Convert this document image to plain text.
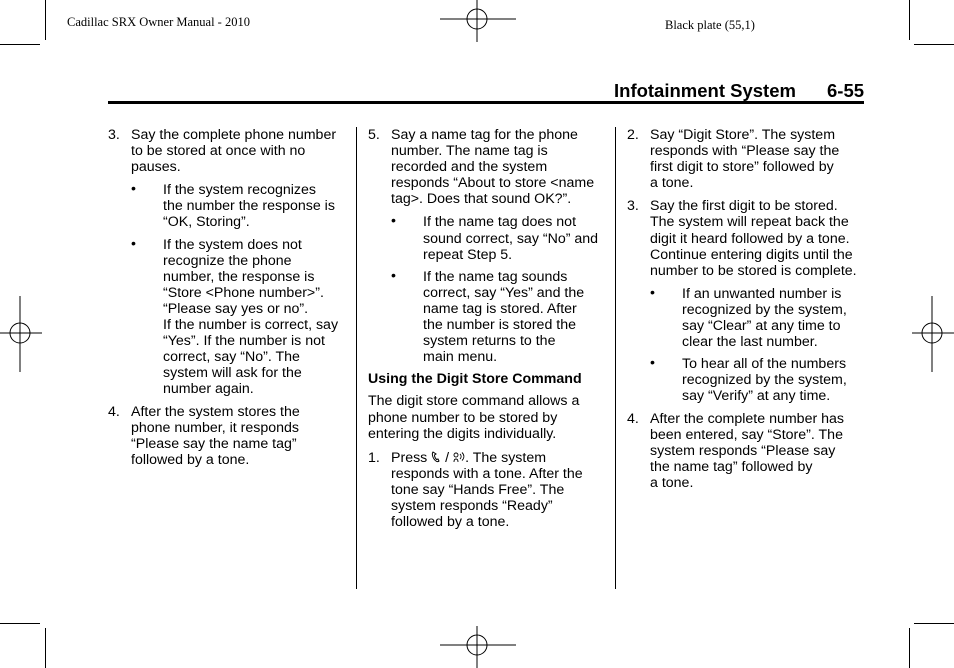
Cadillac SRX Owner Manual - 2010	Black plate (55,1)
Infotainment System 6-55
3. Say the complete phone number
to be stored at once with no
pauses.
• If the system recognizes
the number the response is
“OK, Storing”.
• If the system does not
recognize the phone
number, the response is
“Store <Phone number>”.
“Please say yes or no”.
If the number is correct, say
“Yes”. If the number is not
correct, say “No”. The
system will ask for the
number again.
4. After the system stores the
phone number, it responds
“Please say the name tag”
followed by a tone.
5. Say a name tag for the phone
number. The name tag is
recorded and the system
responds “About to store <name
tag>. Does that sound OK?”.
• If the name tag does not
sound correct, say “No” and
repeat Step 5.
• If the name tag sounds
correct, say “Yes” and the
name tag is stored. After
the number is stored the
system returns to the
main menu.
Using the Digit Store Command
The digit store command allows a
phone number to be stored by
entering the digits individually.
1. Press / . The system
responds with a tone. After the
tone say “Hands Free”. The
system responds “Ready”
followed by a tone.
2. Say “Digit Store”. The system
responds with “Please say the
first digit to store” followed by
a tone.
3. Say the first digit to be stored.
The system will repeat back the
digit it heard followed by a tone.
Continue entering digits until the
number to be stored is complete.
• If an unwanted number is
recognized by the system,
say “Clear” at any time to
clear the last number.
• To hear all of the numbers
recognized by the system,
say “Verify” at any time.
4. After the complete number has
been entered, say “Store”. The
system responds “Please say
the name tag” followed by
a tone.
